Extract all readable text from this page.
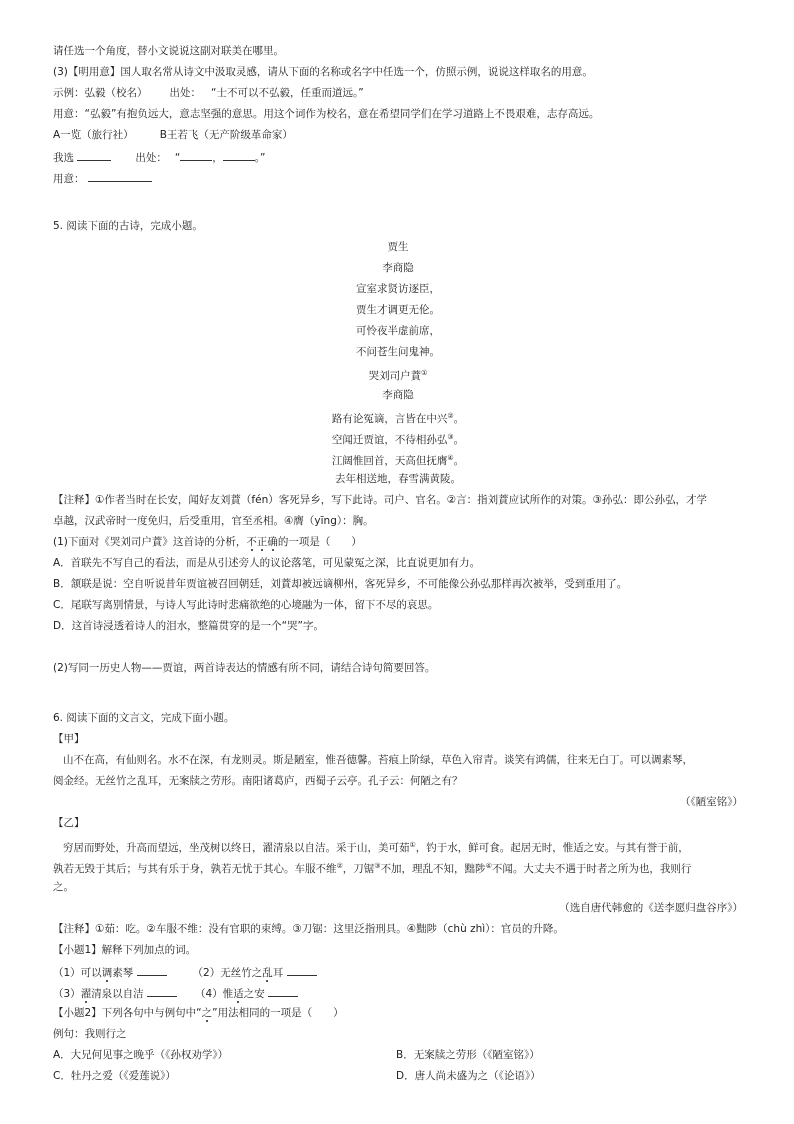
请任选一个角度，替小文说说这副对联美在哪里。
(3)【明用意】国人取名常从诗文中汲取灵感，请从下面的名称或名字中任选一个，仿照示例，说说这样取名的用意。
示例：弘毅（校名） 出处： “士不可以不弘毅，任重而道远。”
用意：“弘毅”有抱负远大，意志坚强的意思。用这个词作为校名，意在希望同学们在学习道路上不畏艰难，志存高远。
A一览（旅行社） B王若飞（无产阶级革命家）
我选	出处： “	，	。”
用意：
5. 阅读下面的古诗，完成小题。
贾生
李商隐
宣室求贤访逐臣，
贾生才调更无伦。
可怜夜半虚前席，
不问苍生问鬼神。
哭刘司户蕡①
李商隐
路有论冤谪，言皆在中兴②。
空闻迁贾谊，不待相孙弘③。
江阔惟回首，天高但抚膺④。
去年相送地，春雪满黄陵。
【注释】①作者当时在长安，闻好友刘蕡（fén）客死异乡，写下此诗。司户、官名。②言：指刘蕡应试所作的对策。③孙弘：即公孙弘，才学
卓越，汉武帝时一度免归，后受重用，官至丞相。④膺（yīng）：胸。
(1)下面对《哭刘司户蕡》这首诗的分析，不正确的一项是（　　）
A．首联先不写自己的看法，而是从引述旁人的议论落笔，可见蒙冤之深，比直说更加有力。
B．颔联是说：空自听说昔年贾谊被召回朝廷，刘蕡却被远谪柳州，客死异乡，不可能像公孙弘那样再次被举，受到重用了。
C．尾联写离别情景，与诗人写此诗时悲痛欲绝的心境融为一体，留下不尽的哀思。
D．这首诗浸透着诗人的泪水，整篇贯穿的是一个“哭”字。
(2)写同一历史人物——贾谊，两首诗表达的情感有所不同，请结合诗句简要回答。
6. 阅读下面的文言文，完成下面小题。
【甲】
山不在高，有仙则名。水不在深，有龙则灵。斯是陋室，惟吾德馨。苔痕上阶绿，草色入帘青。谈笑有鸿儒，往来无白丁。可以调素琴，
阅金经。无丝竹之乱耳，无案牍之劳形。南阳诸葛庐，西蜀子云亭。孔子云：何陋之有？
（《陋室铭》）
【乙】
穷居而野处，升高而望远，坐茂树以终日，濯清泉以自洁。采于山，美可茹①，钓于水，鲜可食。起居无时，惟适之安。与其有誉于前，
孰若无毁于其后；与其有乐于身，孰若无忧于其心。车服不维②，刀锯③不加，理乱不知，黜陟④不闻。大丈夫不遇于时者之所为也，我则行
之。
（选自唐代韩愈的《送李愿归盘谷序》）
【注释】①茹：吃。②车服不维：没有官职的束缚。③刀锯：这里泛指刑具。④黜陟（chù zhì）：官员的升降。
【小题1】解释下列加点的词。
（1）可以调素琴	（2）无丝竹之乱耳
（3）濯清泉以自洁	（4）惟适之安
【小题2】下列各句中与例句中“之”用法相同的一项是（　　）
例句：我则行之
A．大兄何见事之晚乎（《孙权劝学》）	B．无案牍之劳形（《陋室铭》）
C．牡丹之爱（《爱莲说》）	D．唐人尚未盛为之（《论语》）
